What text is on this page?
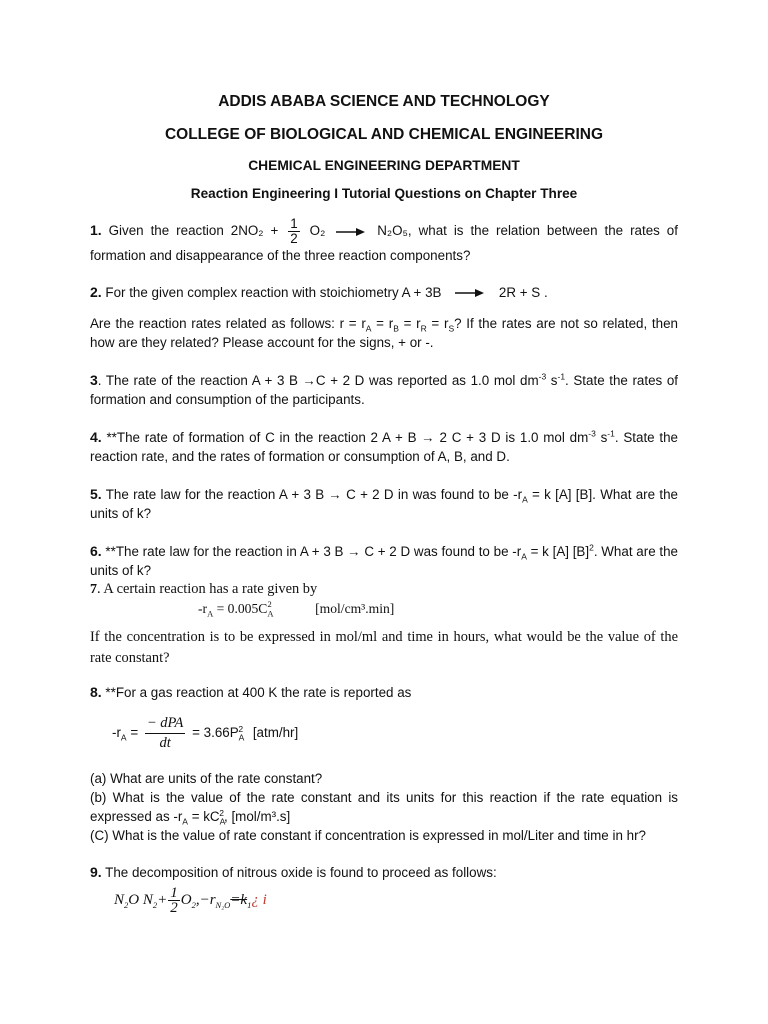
ADDIS ABABA SCIENCE AND TECHNOLOGY
COLLEGE OF BIOLOGICAL AND CHEMICAL ENGINEERING
CHEMICAL ENGINEERING DEPARTMENT
Reaction Engineering I Tutorial Questions on Chapter Three
1. Given the reaction $2NO_2 + \frac{1}{2} O_2$	N₂O₅, what is the relation between the rates of formation and disappearance of the three reaction components?
2. For the given complex reaction with stoichiometry A + 3B	2R + S .
Are the reaction rates related as follows: $r = r_A = r_B = r_R = r_S$? If the rates are not so related, then how are they related? Please account for the signs, + or -.
3. The rate of the reaction A + 3 B →C + 2 D was reported as 1.0 mol $dm^{-3}$ $s^{-1}$. State the rates of formation and consumption of the participants.
4. **The rate of formation of C in the reaction 2 A + B → 2 C + 3 D is 1.0 mol $dm^{-3}$ $s^{-1}$. State the reaction rate, and the rates of formation or consumption of A, B, and D.
5. The rate law for the reaction A + 3 B → C + 2 D in was found to be $-r_A = k$ [A] [B]. What are the units of k?
6. **The rate law for the reaction in A + 3 B → C + 2 D was found to be $-r_A = k$ [A] $[B]^2$. What are the units of k?
7. A certain reaction has a rate given by
$-r_A = 0.005C_A^2$	[mol/cm³.min]
If the concentration is to be expressed in mol/ml and time in hours, what would be the value of the rate constant?
8. **For a gas reaction at 400 K the rate is reported as
$-r_A = \frac{\text{− dPA}}{dt} = 3.66P_A^2$ [atm/hr]
(a) What are units of the rate constant?
(b) What is the value of the rate constant and its units for this reaction if the rate equation is expressed as $-r_A = kC_A^2$, [mol/m³.s]
(C) What is the value of rate constant if concentration is expressed in mol/Liter and time in hr?
9. The decomposition of nitrous oxide is found to proceed as follows:
$N_2O$ $N_2+ \frac{1}{2}$ $O_2,-r_{N_2O}=k_1¿$ i
